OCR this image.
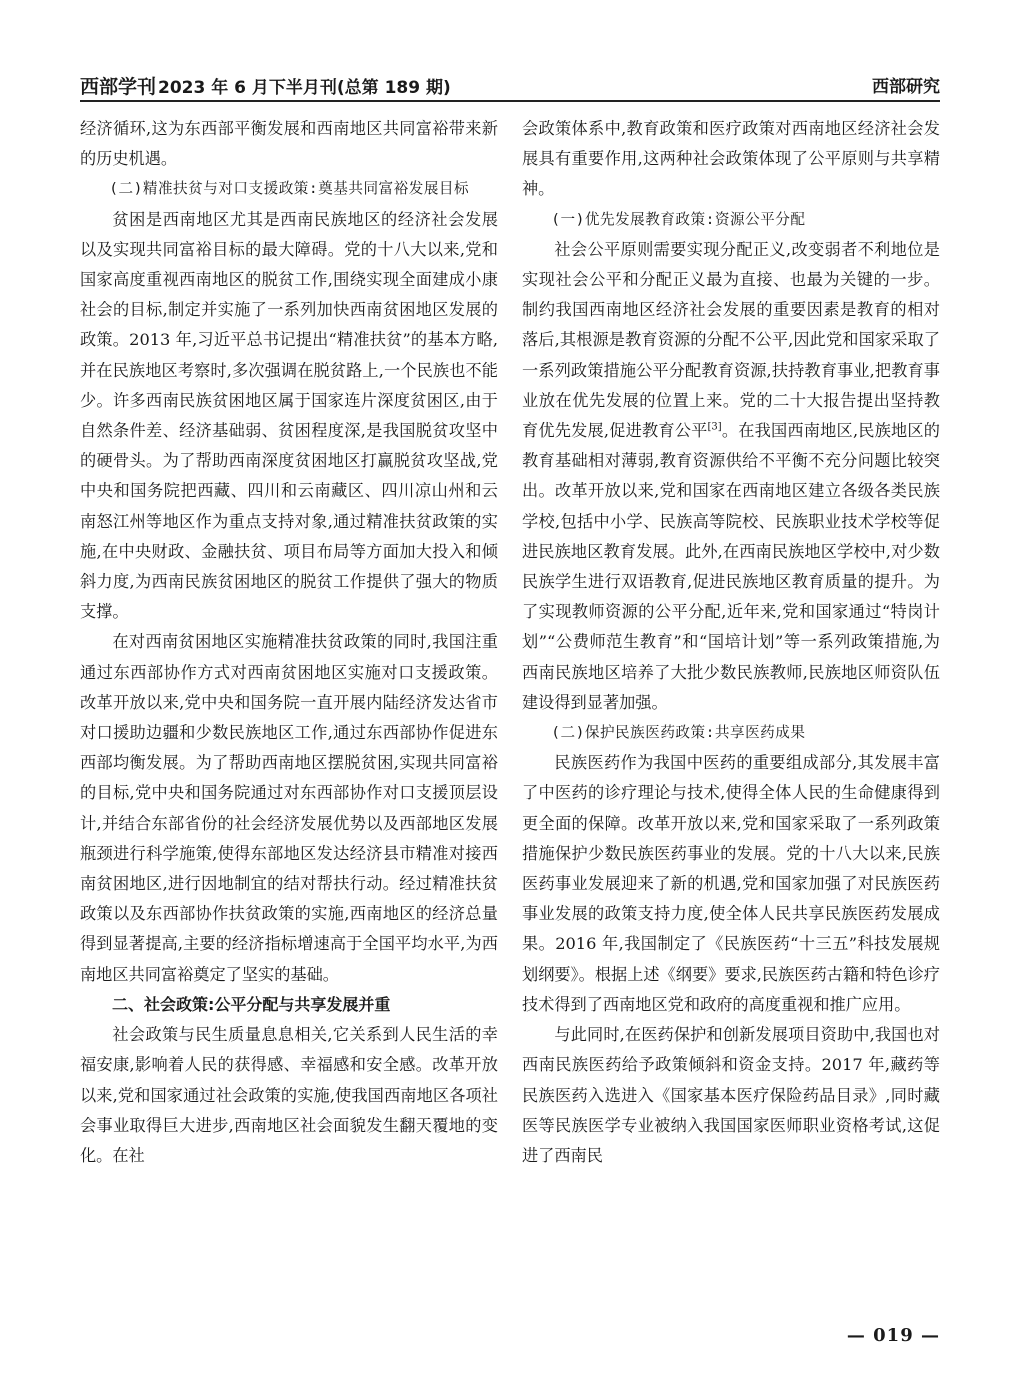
西部学刊 2023 年 6 月下半月刊(总第 189 期)	西部研究

经济循环,这为东西部平衡发展和西南地区共同富裕带来新的历史机遇。

(二)精准扶贫与对口支援政策:奠基共同富裕发展目标

贫困是西南地区尤其是西南民族地区的经济社会发展以及实现共同富裕目标的最大障碍。党的十八大以来,党和国家高度重视西南地区的脱贫工作,围绕实现全面建成小康社会的目标,制定并实施了一系列加快西南贫困地区发展的政策。2013 年,习近平总书记提出“精准扶贫”的基本方略,并在民族地区考察时,多次强调在脱贫路上,一个民族也不能少。许多西南民族贫困地区属于国家连片深度贫困区,由于自然条件差、经济基础弱、贫困程度深,是我国脱贫攻坚中的硬骨头。为了帮助西南深度贫困地区打赢脱贫攻坚战,党中央和国务院把西藏、四川和云南藏区、四川凉山州和云南怒江州等地区作为重点支持对象,通过精准扶贫政策的实施,在中央财政、金融扶贫、项目布局等方面加大投入和倾斜力度,为西南民族贫困地区的脱贫工作提供了强大的物质支撑。

在对西南贫困地区实施精准扶贫政策的同时,我国注重通过东西部协作方式对西南贫困地区实施对口支援政策。改革开放以来,党中央和国务院一直开展内陆经济发达省市对口援助边疆和少数民族地区工作,通过东西部协作促进东西部均衡发展。为了帮助西南地区摆脱贫困,实现共同富裕的目标,党中央和国务院通过对东西部协作对口支援顶层设计,并结合东部省份的社会经济发展优势以及西部地区发展瓶颈进行科学施策,使得东部地区发达经济县市精准对接西南贫困地区,进行因地制宜的结对帮扶行动。经过精准扶贫政策以及东西部协作扶贫政策的实施,西南地区的经济总量得到显著提高,主要的经济指标增速高于全国平均水平,为西南地区共同富裕奠定了坚实的基础。

二、社会政策:公平分配与共享发展并重

社会政策与民生质量息息相关,它关系到人民生活的幸福安康,影响着人民的获得感、幸福感和安全感。改革开放以来,党和国家通过社会政策的实施,使我国西南地区各项社会事业取得巨大进步,西南地区社会面貌发生翻天覆地的变化。在社

会政策体系中,教育政策和医疗政策对西南地区经济社会发展具有重要作用,这两种社会政策体现了公平原则与共享精神。

(一)优先发展教育政策:资源公平分配

社会公平原则需要实现分配正义,改变弱者不利地位是实现社会公平和分配正义最为直接、也最为关键的一步。制约我国西南地区经济社会发展的重要因素是教育的相对落后,其根源是教育资源的分配不公平,因此党和国家采取了一系列政策措施公平分配教育资源,扶持教育事业,把教育事业放在优先发展的位置上来。党的二十大报告提出坚持教育优先发展,促进教育公平[3]。在我国西南地区,民族地区的教育基础相对薄弱,教育资源供给不平衡不充分问题比较突出。改革开放以来,党和国家在西南地区建立各级各类民族学校,包括中小学、民族高等院校、民族职业技术学校等促进民族地区教育发展。此外,在西南民族地区学校中,对少数民族学生进行双语教育,促进民族地区教育质量的提升。为了实现教师资源的公平分配,近年来,党和国家通过“特岗计划”“公费师范生教育”和“国培计划”等一系列政策措施,为西南民族地区培养了大批少数民族教师,民族地区师资队伍建设得到显著加强。

(二)保护民族医药政策:共享医药成果

民族医药作为我国中医药的重要组成部分,其发展丰富了中医药的诊疗理论与技术,使得全体人民的生命健康得到更全面的保障。改革开放以来,党和国家采取了一系列政策措施保护少数民族医药事业的发展。党的十八大以来,民族医药事业发展迎来了新的机遇,党和国家加强了对民族医药事业发展的政策支持力度,使全体人民共享民族医药发展成果。2016 年,我国制定了《民族医药“十三五”科技发展规划纲要》。根据上述《纲要》要求,民族医药古籍和特色诊疗技术得到了西南地区党和政府的高度重视和推广应用。

与此同时,在医药保护和创新发展项目资助中,我国也对西南民族医药给予政策倾斜和资金支持。2017 年,藏药等民族医药入选进入《国家基本医疗保险药品目录》,同时藏医等民族医学专业被纳入我国国家医师职业资格考试,这促进了西南民

— 019 —
